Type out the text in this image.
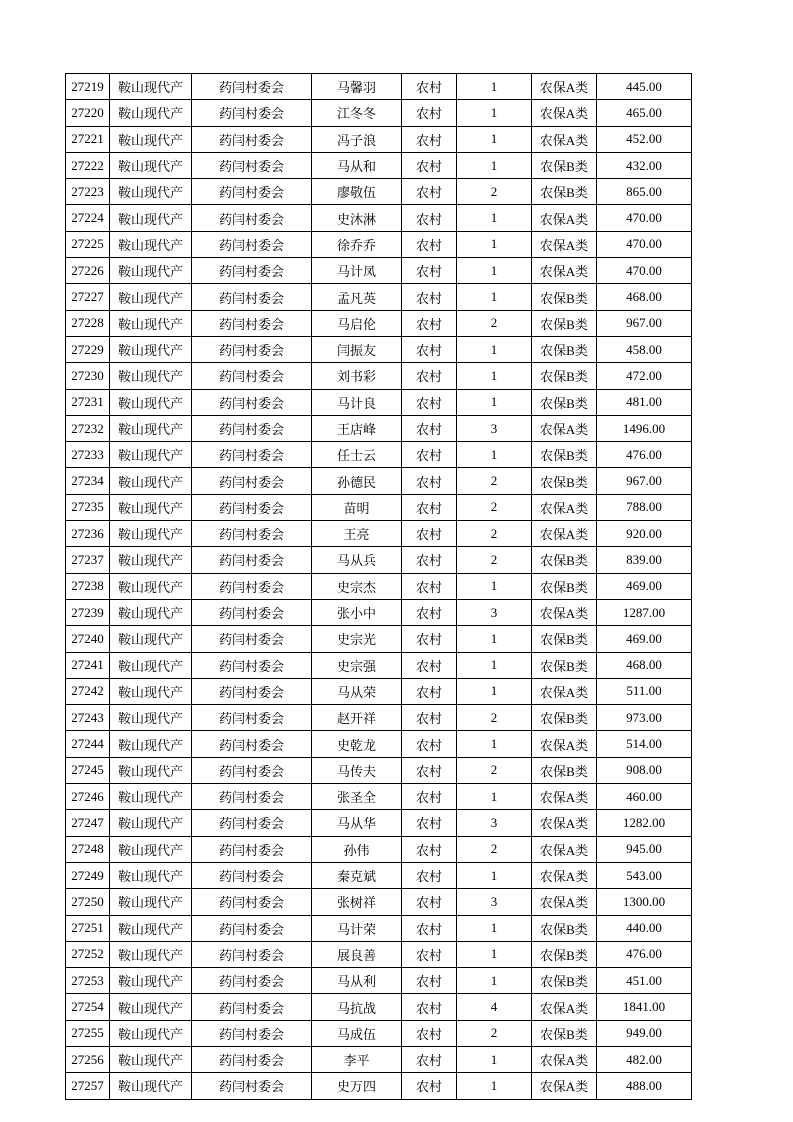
27219	鞍山现代产	药闫村委会	马馨羽	农村	1	农保A类	445.00
27220	鞍山现代产	药闫村委会	江冬冬	农村	1	农保A类	465.00
27221	鞍山现代产	药闫村委会	冯子浪	农村	1	农保A类	452.00
27222	鞍山现代产	药闫村委会	马从和	农村	1	农保B类	432.00
27223	鞍山现代产	药闫村委会	廖敬伍	农村	2	农保B类	865.00
27224	鞍山现代产	药闫村委会	史沐淋	农村	1	农保A类	470.00
27225	鞍山现代产	药闫村委会	徐乔乔	农村	1	农保A类	470.00
27226	鞍山现代产	药闫村委会	马计凤	农村	1	农保A类	470.00
27227	鞍山现代产	药闫村委会	孟凡英	农村	1	农保B类	468.00
27228	鞍山现代产	药闫村委会	马启伦	农村	2	农保B类	967.00
27229	鞍山现代产	药闫村委会	闫振友	农村	1	农保B类	458.00
27230	鞍山现代产	药闫村委会	刘书彩	农村	1	农保B类	472.00
27231	鞍山现代产	药闫村委会	马计良	农村	1	农保B类	481.00
27232	鞍山现代产	药闫村委会	王店峰	农村	3	农保A类	1496.00
27233	鞍山现代产	药闫村委会	任士云	农村	1	农保B类	476.00
27234	鞍山现代产	药闫村委会	孙德民	农村	2	农保B类	967.00
27235	鞍山现代产	药闫村委会	苗明	农村	2	农保A类	788.00
27236	鞍山现代产	药闫村委会	王亮	农村	2	农保A类	920.00
27237	鞍山现代产	药闫村委会	马从兵	农村	2	农保B类	839.00
27238	鞍山现代产	药闫村委会	史宗杰	农村	1	农保B类	469.00
27239	鞍山现代产	药闫村委会	张小中	农村	3	农保A类	1287.00
27240	鞍山现代产	药闫村委会	史宗光	农村	1	农保B类	469.00
27241	鞍山现代产	药闫村委会	史宗强	农村	1	农保B类	468.00
27242	鞍山现代产	药闫村委会	马从荣	农村	1	农保A类	511.00
27243	鞍山现代产	药闫村委会	赵开祥	农村	2	农保B类	973.00
27244	鞍山现代产	药闫村委会	史乾龙	农村	1	农保A类	514.00
27245	鞍山现代产	药闫村委会	马传夫	农村	2	农保B类	908.00
27246	鞍山现代产	药闫村委会	张圣全	农村	1	农保A类	460.00
27247	鞍山现代产	药闫村委会	马从华	农村	3	农保A类	1282.00
27248	鞍山现代产	药闫村委会	孙伟	农村	2	农保A类	945.00
27249	鞍山现代产	药闫村委会	秦克斌	农村	1	农保A类	543.00
27250	鞍山现代产	药闫村委会	张树祥	农村	3	农保A类	1300.00
27251	鞍山现代产	药闫村委会	马计荣	农村	1	农保B类	440.00
27252	鞍山现代产	药闫村委会	展良善	农村	1	农保B类	476.00
27253	鞍山现代产	药闫村委会	马从利	农村	1	农保B类	451.00
27254	鞍山现代产	药闫村委会	马抗战	农村	4	农保A类	1841.00
27255	鞍山现代产	药闫村委会	马成伍	农村	2	农保B类	949.00
27256	鞍山现代产	药闫村委会	李平	农村	1	农保A类	482.00
27257	鞍山现代产	药闫村委会	史万四	农村	1	农保A类	488.00
